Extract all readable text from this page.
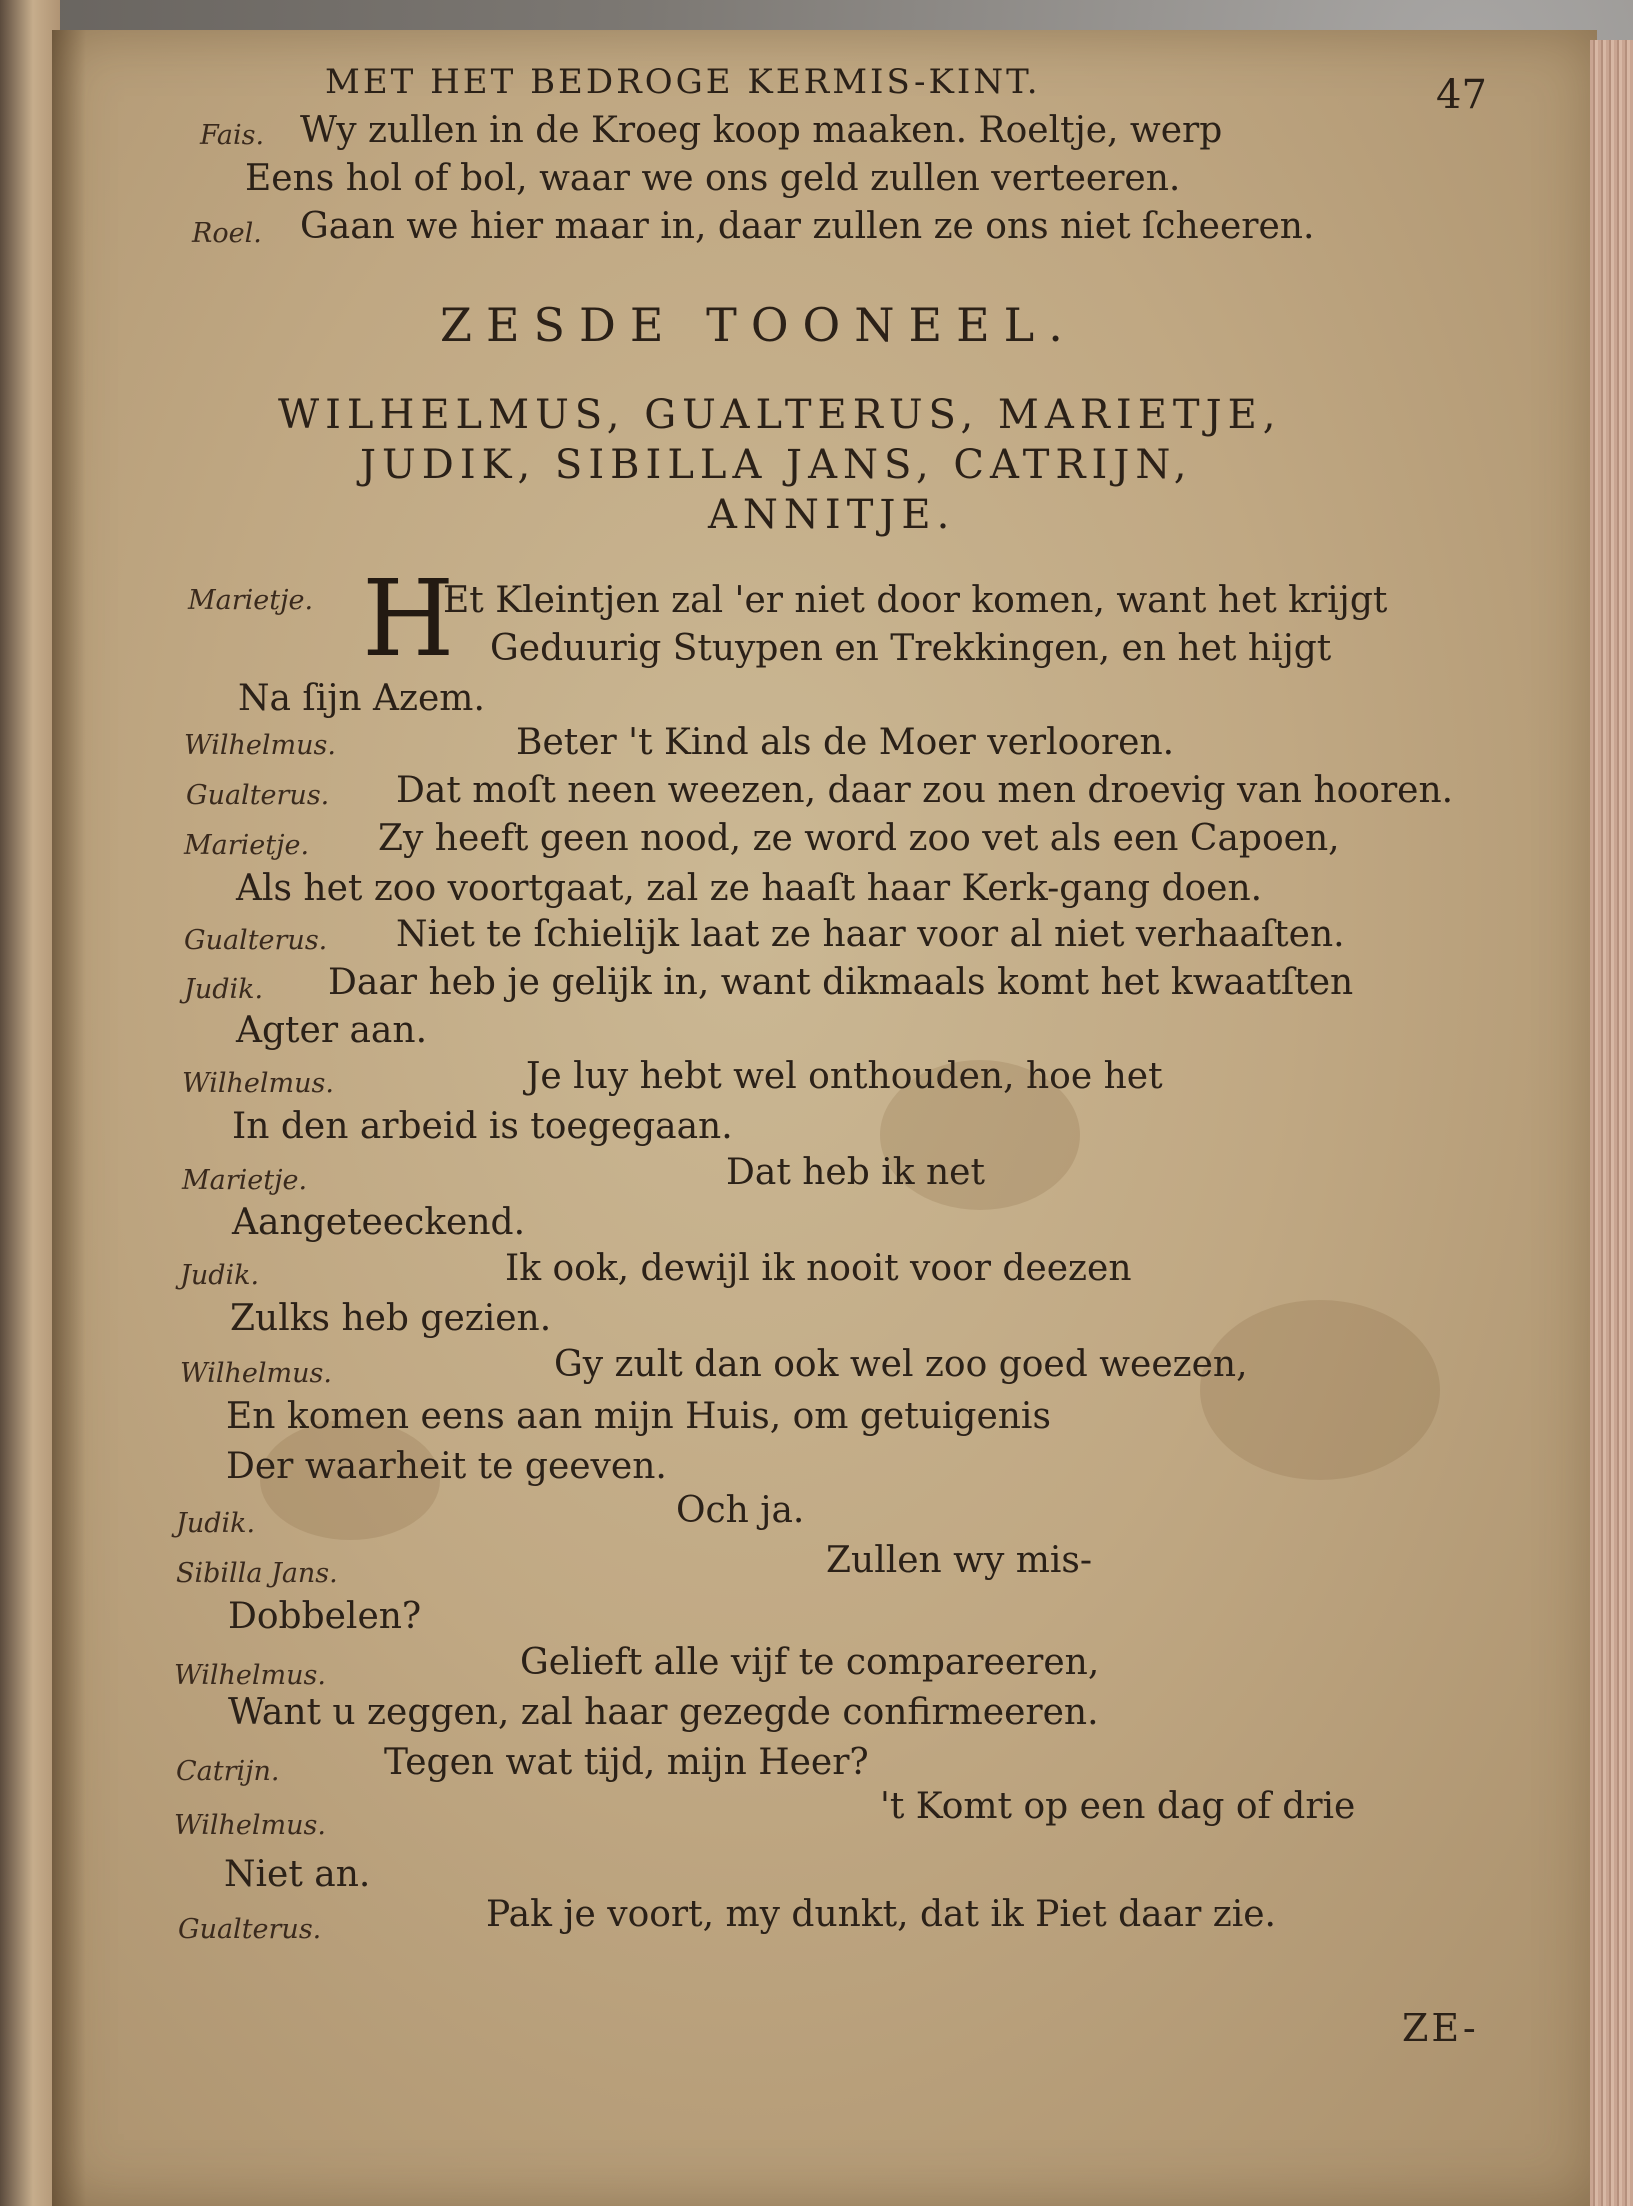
MET HET BEDROGE KERMIS-KINT.	47
Fais. Wy zullen in de Kroeg koop maaken. Roeltje, werp
Eens hol of bol, waar we ons geld zullen verteeren.
Roel. Gaan we hier maar in, daar zullen ze ons niet ſcheeren.
ZESDE TOONEEL.
WILHELMUS, GUALTERUS, MARIETJE,
JUDIK, SIBILLA JANS, CATRIJN,
ANNITJE.
Marietje. H
Et Kleintjen zal 'er niet door komen, want het krijgt
Geduurig Stuypen en Trekkingen, en het hijgt
Na ſijn Azem.
Wilhelmus.	Beter 't Kind als de Moer verlooren.
Gualterus. Dat moſt neen weezen, daar zou men droevig van hooren.
Marietje. Zy heeft geen nood, ze word zoo vet als een Capoen,
Als het zoo voortgaat, zal ze haaſt haar Kerk-gang doen.
Gualterus. Niet te ſchielijk laat ze haar voor al niet verhaaſten.
Judik. Daar heb je gelijk in, want dikmaals komt het kwaatſten
Agter aan.
Wilhelmus.	Je luy hebt wel onthouden, hoe het
In den arbeid is toegegaan.
Marietje.	Dat heb ik net
Aangeteeckend.
Judik.	Ik ook, dewijl ik nooit voor deezen
Zulks heb gezien.
Wilhelmus.	Gy zult dan ook wel zoo goed weezen,
En komen eens aan mijn Huis, om getuigenis
Der waarheit te geeven.
Judik.	Och ja.
Sibilla Jans.	Zullen wy mis-
Dobbelen?
Wilhelmus.	Gelieft alle vijf te compareeren,
Want u zeggen, zal haar gezegde confirmeeren.
Catrijn.	Tegen wat tijd, mijn Heer?
Wilhelmus.	't Komt op een dag of drie
Niet an.
Gualterus.	Pak je voort, my dunkt, dat ik Piet daar zie.
ZE-
